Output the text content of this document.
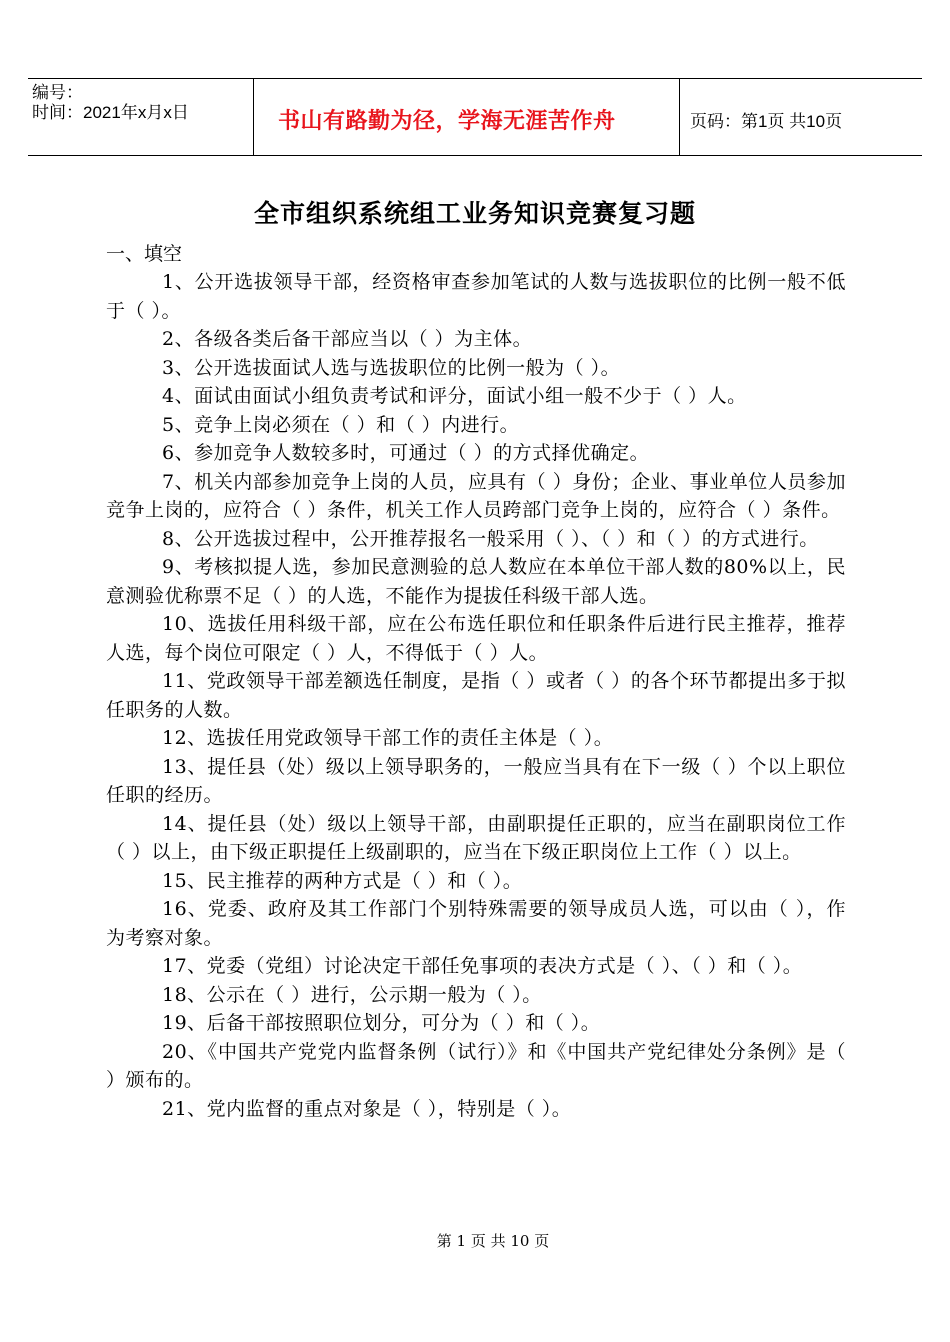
编号：
时间：2021年x月x日	书山有路勤为径，学海无涯苦作舟	页码：第1页 共10页
全市组织系统组工业务知识竞赛复习题
一、填空

1、公开选拔领导干部，经资格审查参加笔试的人数与选拔职位的比例一般不低于（ ）。

2、各级各类后备干部应当以（ ）为主体。

3、公开选拔面试人选与选拔职位的比例一般为（ ）。

4、面试由面试小组负责考试和评分，面试小组一般不少于（ ）人。

5、竞争上岗必须在（ ）和（ ）内进行。

6、参加竞争人数较多时，可通过（ ）的方式择优确定。

7、机关内部参加竞争上岗的人员，应具有（ ）身份；企业、事业单位人员参加竞争上岗的，应符合（ ）条件，机关工作人员跨部门竞争上岗的，应符合（ ）条件。

8、公开选拔过程中，公开推荐报名一般采用（ ）、（ ）和（ ）的方式进行。

9、考核拟提人选，参加民意测验的总人数应在本单位干部人数的80%以上，民意测验优称票不足（ ）的人选，不能作为提拔任科级干部人选。

10、选拔任用科级干部，应在公布选任职位和任职条件后进行民主推荐，推荐人选，每个岗位可限定（ ）人，不得低于（ ）人。

11、党政领导干部差额选任制度，是指（ ）或者（ ）的各个环节都提出多于拟任职务的人数。

12、选拔任用党政领导干部工作的责任主体是（ ）。

13、提任县（处）级以上领导职务的，一般应当具有在下一级（ ）个以上职位任职的经历。

14、提任县（处）级以上领导干部，由副职提任正职的，应当在副职岗位工作（ ）以上，由下级正职提任上级副职的，应当在下级正职岗位上工作（ ）以上。

15、民主推荐的两种方式是（ ）和（ ）。

16、党委、政府及其工作部门个别特殊需要的领导成员人选，可以由（ ），作为考察对象。

17、党委（党组）讨论决定干部任免事项的表决方式是（ ）、（ ）和（ ）。

18、公示在（ ）进行，公示期一般为（ ）。

19、后备干部按照职位划分，可分为（ ）和（ ）。

20、《中国共产党党内监督条例（试行）》和《中国共产党纪律处分条例》是（ ）颁布的。

21、党内监督的重点对象是（ ），特别是（ ）。

第 1 页 共 10 页
